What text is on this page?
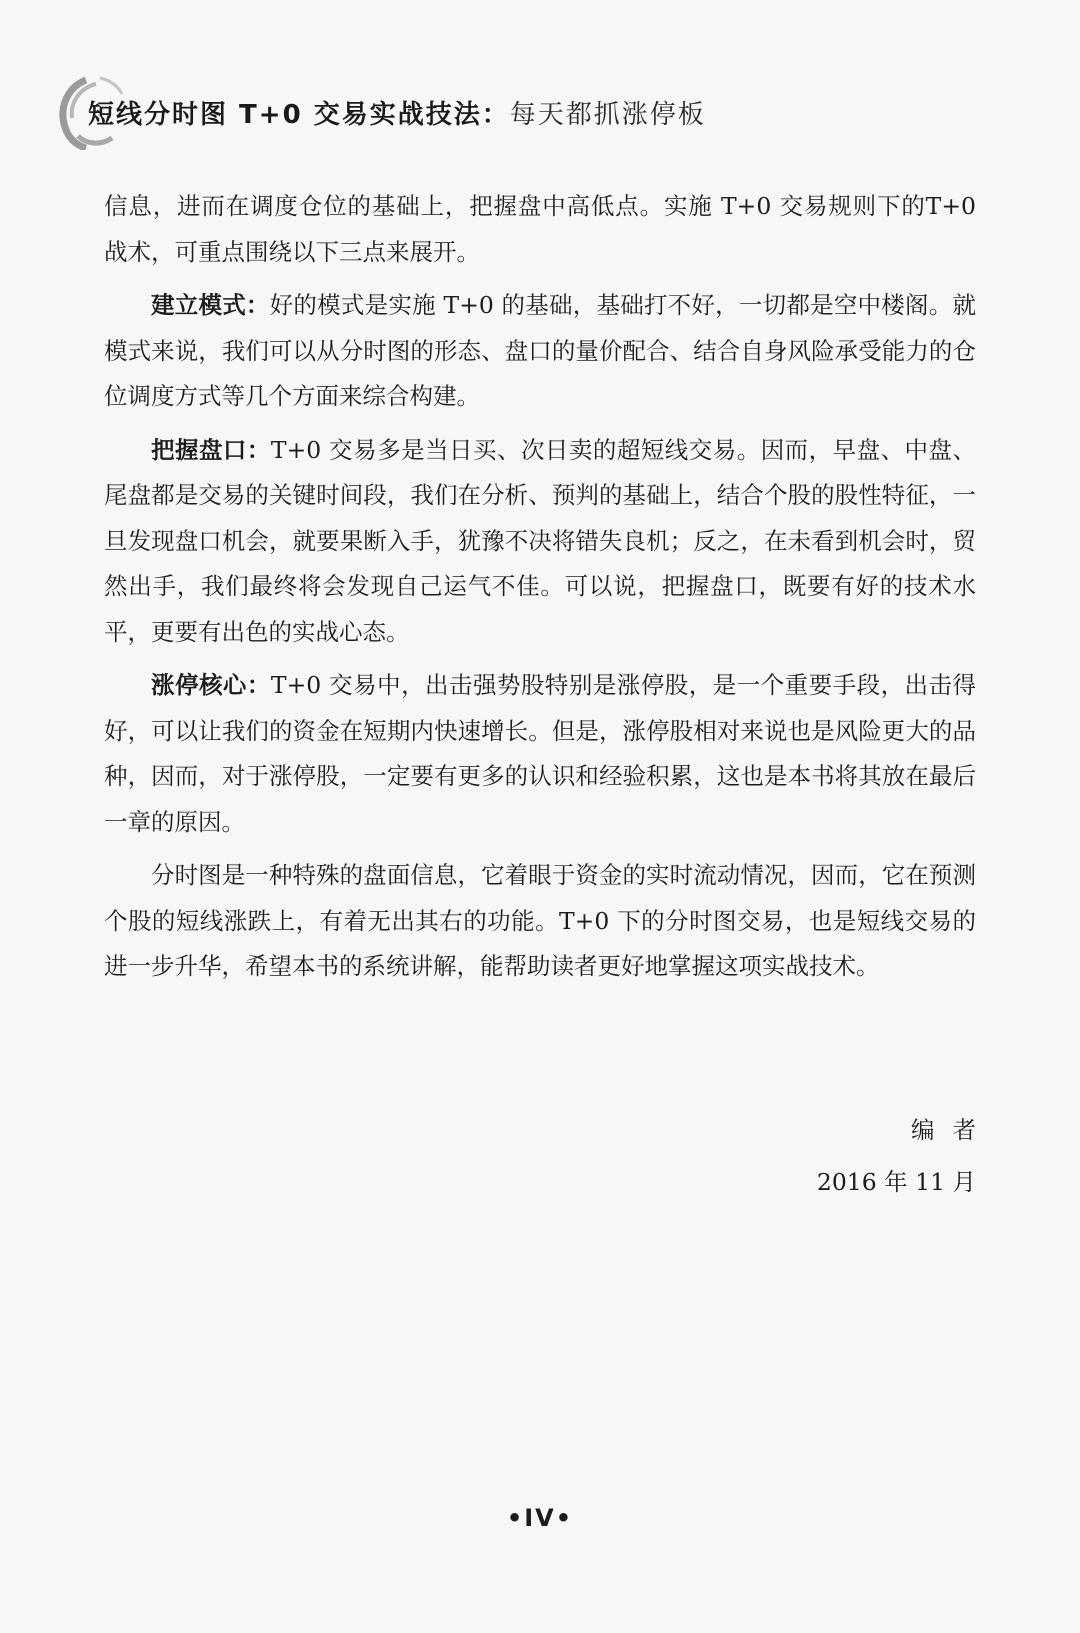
短线分时图 T+0 交易实战技法：每天都抓涨停板

信息，进而在调度仓位的基础上，把握盘中高低点。实施 T+0 交易规则下的T+0 战术，可重点围绕以下三点来展开。

建立模式：好的模式是实施 T+0 的基础，基础打不好，一切都是空中楼阁。就模式来说，我们可以从分时图的形态、盘口的量价配合、结合自身风险承受能力的仓位调度方式等几个方面来综合构建。

把握盘口：T+0 交易多是当日买、次日卖的超短线交易。因而，早盘、中盘、尾盘都是交易的关键时间段，我们在分析、预判的基础上，结合个股的股性特征，一旦发现盘口机会，就要果断入手，犹豫不决将错失良机；反之，在未看到机会时，贸然出手，我们最终将会发现自己运气不佳。可以说，把握盘口，既要有好的技术水平，更要有出色的实战心态。

涨停核心：T+0 交易中，出击强势股特别是涨停股，是一个重要手段，出击得好，可以让我们的资金在短期内快速增长。但是，涨停股相对来说也是风险更大的品种，因而，对于涨停股，一定要有更多的认识和经验积累，这也是本书将其放在最后一章的原因。

分时图是一种特殊的盘面信息，它着眼于资金的实时流动情况，因而，它在预测个股的短线涨跌上，有着无出其右的功能。T+0 下的分时图交易，也是短线交易的进一步升华，希望本书的系统讲解，能帮助读者更好地掌握这项实战技术。

编者
2016 年 11 月
•IV•
